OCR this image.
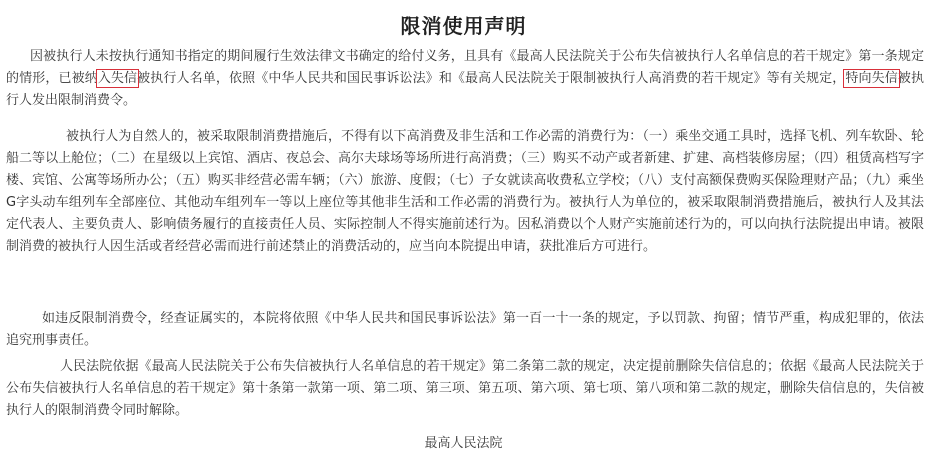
限消使用声明

因被执行人未按执行通知书指定的期间履行生效法律文书确定的给付义务，且具有《最高人民法院关于公布失信被执行人名单信息的若干规定》第一条规定的情形，已被纳入失信被执行人名单，依照《中华人民共和国民事诉讼法》和《最高人民法院关于限制被执行人高消费的若干规定》等有关规定，特向失信被执行人发出限制消费令。

被执行人为自然人的，被采取限制消费措施后，不得有以下高消费及非生活和工作必需的消费行为：（一）乘坐交通工具时，选择飞机、列车软卧、轮船二等以上舱位；（二）在星级以上宾馆、酒店、夜总会、高尔夫球场等场所进行高消费；（三）购买不动产或者新建、扩建、高档装修房屋；（四）租赁高档写字楼、宾馆、公寓等场所办公；（五）购买非经营必需车辆；（六）旅游、度假；（七）子女就读高收费私立学校；（八）支付高额保费购买保险理财产品；（九）乘坐G字头动车组列车全部座位、其他动车组列车一等以上座位等其他非生活和工作必需的消费行为。被执行人为单位的，被采取限制消费措施后，被执行人及其法定代表人、主要负责人、影响债务履行的直接责任人员、实际控制人不得实施前述行为。因私消费以个人财产实施前述行为的，可以向执行法院提出申请。被限制消费的被执行人因生活或者经营必需而进行前述禁止的消费活动的，应当向本院提出申请，获批准后方可进行。

如违反限制消费令，经查证属实的，本院将依照《中华人民共和国民事诉讼法》第一百一十一条的规定，予以罚款、拘留；情节严重，构成犯罪的，依法追究刑事责任。

人民法院依据《最高人民法院关于公布失信被执行人名单信息的若干规定》第二条第二款的规定，决定提前删除失信信息的；依据《最高人民法院关于公布失信被执行人名单信息的若干规定》第十条第一款第一项、第二项、第三项、第五项、第六项、第七项、第八项和第二款的规定，删除失信信息的，失信被执行人的限制消费令同时解除。

最高人民法院
